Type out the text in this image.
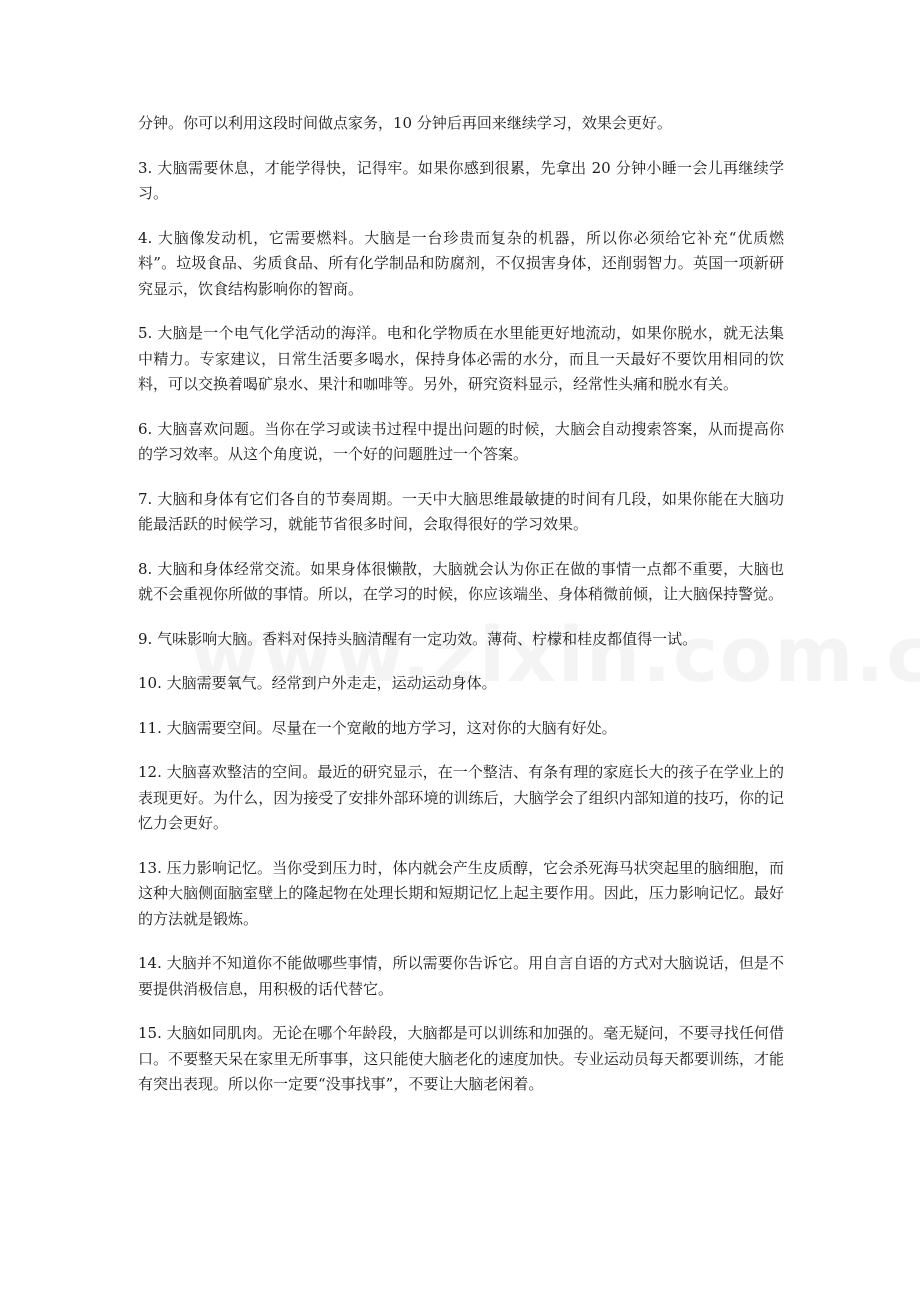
分钟。你可以利用这段时间做点家务，10 分钟后再回来继续学习，效果会更好。

3. 大脑需要休息，才能学得快，记得牢。如果你感到很累，先拿出 20 分钟小睡一会儿再继续学习。

4. 大脑像发动机，它需要燃料。大脑是一台珍贵而复杂的机器，所以你必须给它补充“优质燃料”。垃圾食品、劣质食品、所有化学制品和防腐剂，不仅损害身体，还削弱智力。英国一项新研究显示，饮食结构影响你的智商。

5. 大脑是一个电气化学活动的海洋。电和化学物质在水里能更好地流动，如果你脱水，就无法集中精力。专家建议，日常生活要多喝水，保持身体必需的水分，而且一天最好不要饮用相同的饮料，可以交换着喝矿泉水、果汁和咖啡等。另外，研究资料显示，经常性头痛和脱水有关。

6. 大脑喜欢问题。当你在学习或读书过程中提出问题的时候，大脑会自动搜索答案，从而提高你的学习效率。从这个角度说，一个好的问题胜过一个答案。

7. 大脑和身体有它们各自的节奏周期。一天中大脑思维最敏捷的时间有几段，如果你能在大脑功能最活跃的时候学习，就能节省很多时间，会取得很好的学习效果。

8. 大脑和身体经常交流。如果身体很懒散，大脑就会认为你正在做的事情一点都不重要，大脑也就不会重视你所做的事情。所以，在学习的时候，你应该端坐、身体稍微前倾，让大脑保持警觉。

9. 气味影响大脑。香料对保持头脑清醒有一定功效。薄荷、柠檬和桂皮都值得一试。

10. 大脑需要氧气。经常到户外走走，运动运动身体。

11. 大脑需要空间。尽量在一个宽敞的地方学习，这对你的大脑有好处。

12. 大脑喜欢整洁的空间。最近的研究显示，在一个整洁、有条有理的家庭长大的孩子在学业上的表现更好。为什么，因为接受了安排外部环境的训练后，大脑学会了组织内部知道的技巧，你的记忆力会更好。

13. 压力影响记忆。当你受到压力时，体内就会产生皮质醇，它会杀死海马状突起里的脑细胞，而这种大脑侧面脑室壁上的隆起物在处理长期和短期记忆上起主要作用。因此，压力影响记忆。最好的方法就是锻炼。

14. 大脑并不知道你不能做哪些事情，所以需要你告诉它。用自言自语的方式对大脑说话，但是不要提供消极信息，用积极的话代替它。

15. 大脑如同肌肉。无论在哪个年龄段，大脑都是可以训练和加强的。毫无疑问，不要寻找任何借口。不要整天呆在家里无所事事，这只能使大脑老化的速度加快。专业运动员每天都要训练，才能有突出表现。所以你一定要“没事找事”，不要让大脑老闲着。
